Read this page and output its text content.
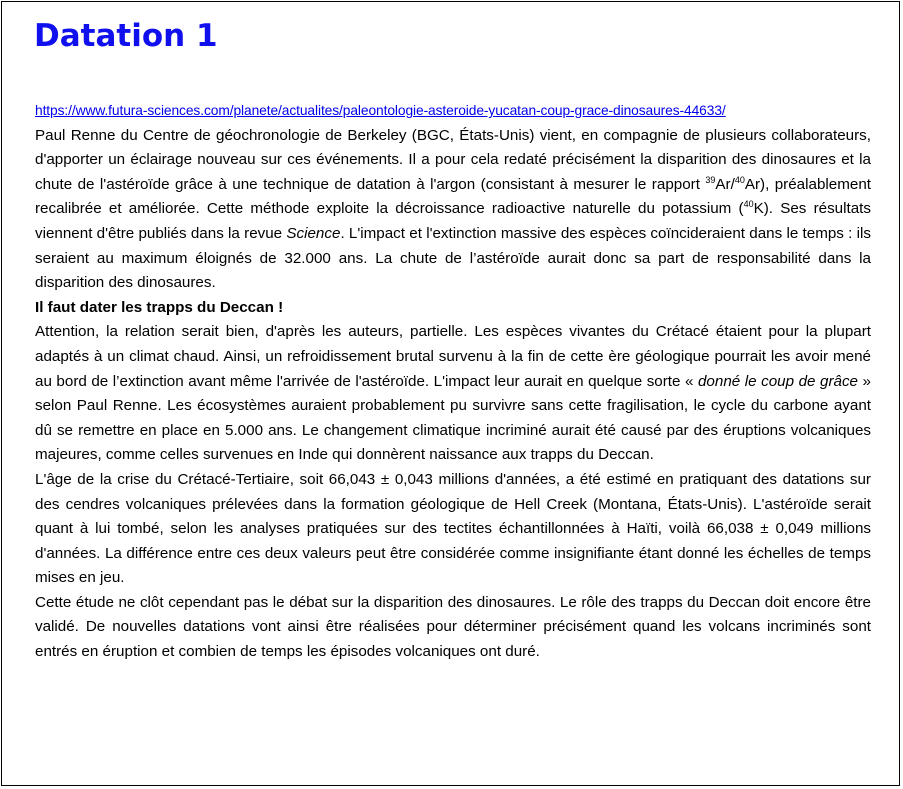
Datation 1
https://www.futura-sciences.com/planete/actualites/paleontologie-asteroide-yucatan-coup-grace-dinosaures-44633/

Paul Renne du Centre de géochronologie de Berkeley (BGC, États-Unis) vient, en compagnie de plusieurs collaborateurs, d'apporter un éclairage nouveau sur ces événements. Il a pour cela redaté précisément la disparition des dinosaures et la chute de l'astéroïde grâce à une technique de datation à l'argon (consistant à mesurer le rapport $^{39}$Ar/$^{40}$Ar), préalablement recalibrée et améliorée. Cette méthode exploite la décroissance radioactive naturelle du potassium ($^{40}$K). Ses résultats viennent d'être publiés dans la revue Science. L'impact et l'extinction massive des espèces coïncideraient dans le temps : ils seraient au maximum éloignés de 32.000 ans. La chute de l’astéroïde aurait donc sa part de responsabilité dans la disparition des dinosaures.

Il faut dater les trapps du Deccan !

Attention, la relation serait bien, d'après les auteurs, partielle. Les espèces vivantes du Crétacé étaient pour la plupart adaptés à un climat chaud. Ainsi, un refroidissement brutal survenu à la fin de cette ère géologique pourrait les avoir mené au bord de l’extinction avant même l'arrivée de l'astéroïde. L'impact leur aurait en quelque sorte « donné le coup de grâce » selon Paul Renne. Les écosystèmes auraient probablement pu survivre sans cette fragilisation, le cycle du carbone ayant dû se remettre en place en 5.000 ans. Le changement climatique incriminé aurait été causé par des éruptions volcaniques majeures, comme celles survenues en Inde qui donnèrent naissance aux trapps du Deccan.

L'âge de la crise du Crétacé-Tertiaire, soit 66,043 ± 0,043 millions d'années, a été estimé en pratiquant des datations sur des cendres volcaniques prélevées dans la formation géologique de Hell Creek (Montana, États-Unis). L'astéroïde serait quant à lui tombé, selon les analyses pratiquées sur des tectites échantillonnées à Haïti, voilà 66,038 ± 0,049 millions d'années. La différence entre ces deux valeurs peut être considérée comme insignifiante étant donné les échelles de temps mises en jeu.

Cette étude ne clôt cependant pas le débat sur la disparition des dinosaures. Le rôle des trapps du Deccan doit encore être validé. De nouvelles datations vont ainsi être réalisées pour déterminer précisément quand les volcans incriminés sont entrés en éruption et combien de temps les épisodes volcaniques ont duré.
